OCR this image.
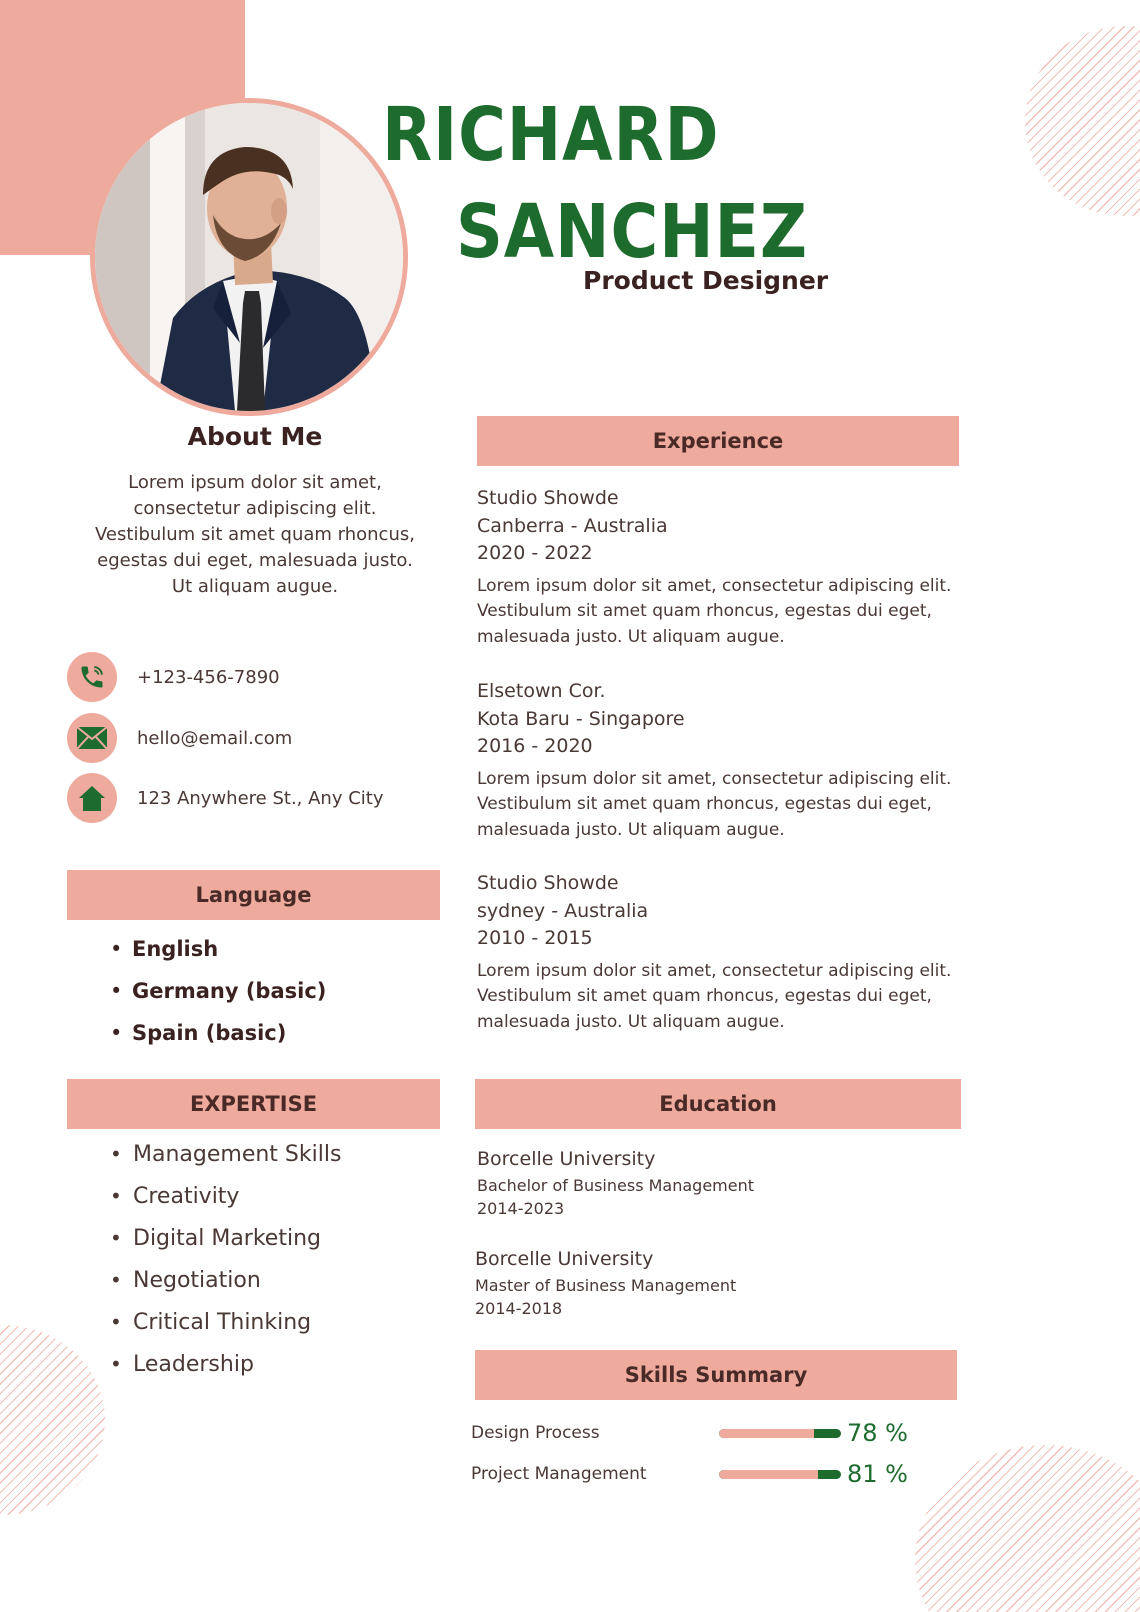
RICHARD
SANCHEZ
Product Designer
About Me
Lorem ipsum dolor sit amet,
consectetur adipiscing elit.
Vestibulum sit amet quam rhoncus,
egestas dui eget, malesuada justo.
Ut aliquam augue.
+123-456-7890
hello@email.com
123 Anywhere St., Any City
Language
• English
• Germany (basic)
• Spain (basic)
EXPERTISE
• Management Skills
• Creativity
• Digital Marketing
• Negotiation
• Critical Thinking
• Leadership
Experience
Studio Showde
Canberra - Australia
2020 - 2022
Lorem ipsum dolor sit amet, consectetur adipiscing elit.
Vestibulum sit amet quam rhoncus, egestas dui eget,
malesuada justo. Ut aliquam augue.
Elsetown Cor.
Kota Baru - Singapore
2016 - 2020
Lorem ipsum dolor sit amet, consectetur adipiscing elit.
Vestibulum sit amet quam rhoncus, egestas dui eget,
malesuada justo. Ut aliquam augue.
Studio Showde
sydney - Australia
2010 - 2015
Lorem ipsum dolor sit amet, consectetur adipiscing elit.
Vestibulum sit amet quam rhoncus, egestas dui eget,
malesuada justo. Ut aliquam augue.
Education
Borcelle University
Bachelor of Business Management
2014-2023
Borcelle University
Master of Business Management
2014-2018
Skills Summary
Design Process	78 %
Project Management	81 %
